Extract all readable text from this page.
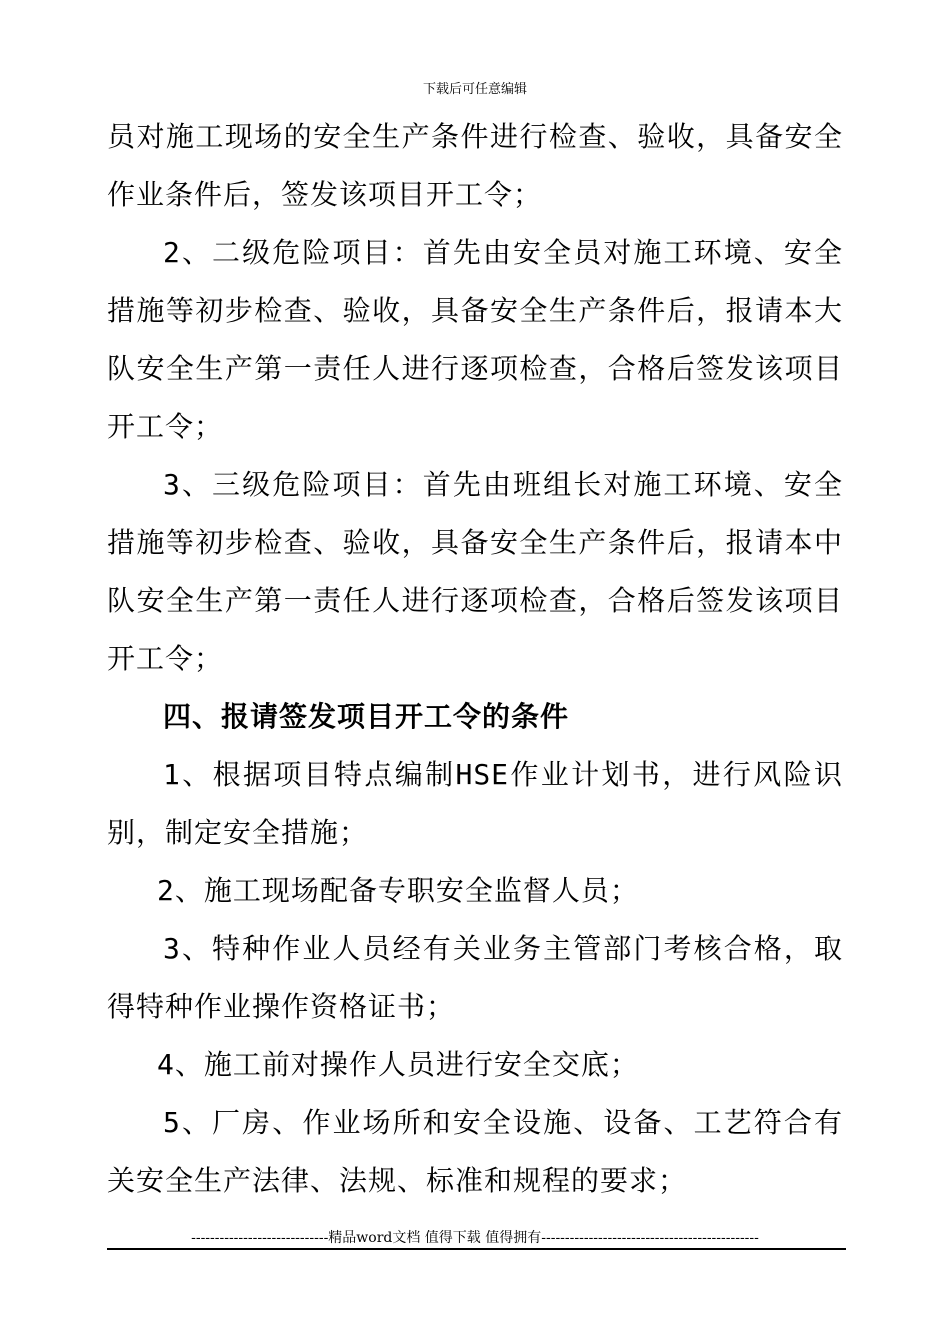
下载后可任意编辑

员对施工现场的安全生产条件进行检查、验收，具备安全作业条件后，签发该项目开工令；

2、二级危险项目：首先由安全员对施工环境、安全措施等初步检查、验收，具备安全生产条件后，报请本大队安全生产第一责任人进行逐项检查，合格后签发该项目开工令；

3、三级危险项目：首先由班组长对施工环境、安全措施等初步检查、验收，具备安全生产条件后，报请本中队安全生产第一责任人进行逐项检查，合格后签发该项目开工令；

四、报请签发项目开工令的条件

1、根据项目特点编制HSE作业计划书，进行风险识别，制定安全措施；

2、施工现场配备专职安全监督人员；

3、特种作业人员经有关业务主管部门考核合格，取得特种作业操作资格证书；

4、施工前对操作人员进行安全交底；

5、厂房、作业场所和安全设施、设备、工艺符合有关安全生产法律、法规、标准和规程的要求；

-----------------------------精品word文档 值得下载 值得拥有----------------------------------------------
